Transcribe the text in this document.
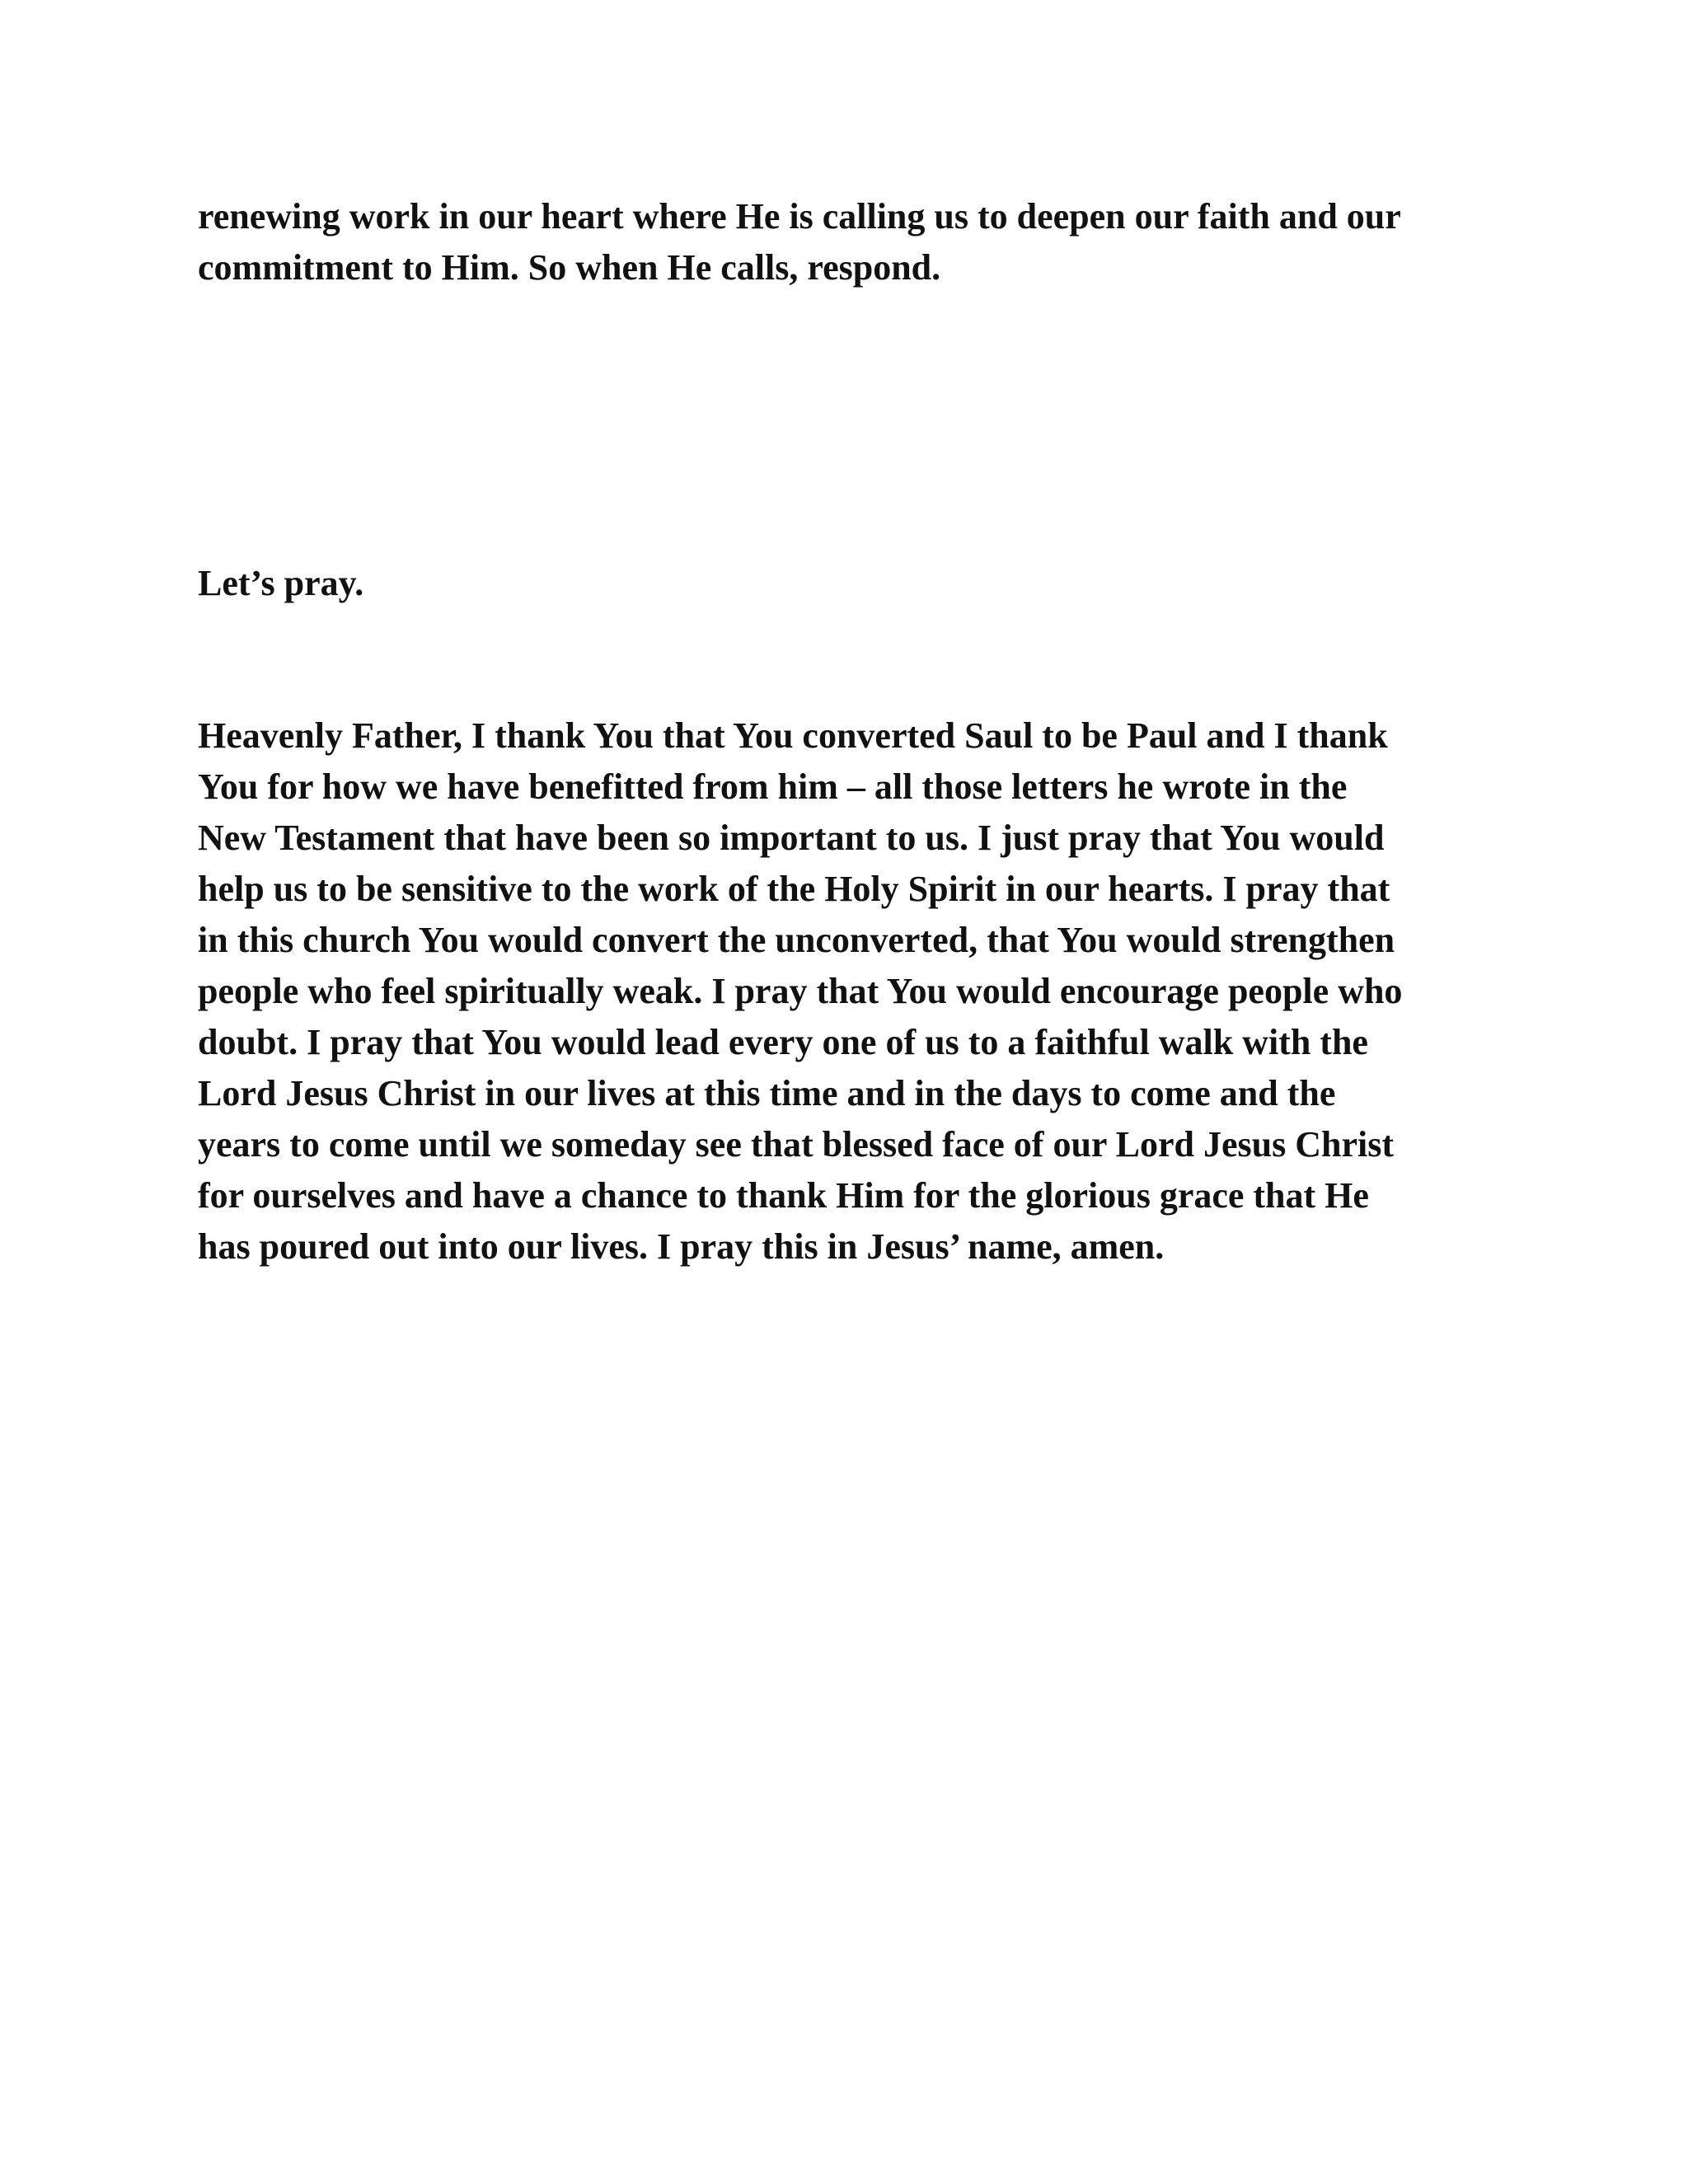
renewing work in our heart where He is calling us to deepen our faith and our
commitment to Him. So when He calls, respond.

Let’s pray.

Heavenly Father, I thank You that You converted Saul to be Paul and I thank
You for how we have benefitted from him – all those letters he wrote in the
New Testament that have been so important to us. I just pray that You would
help us to be sensitive to the work of the Holy Spirit in our hearts. I pray that
in this church You would convert the unconverted, that You would strengthen
people who feel spiritually weak. I pray that You would encourage people who
doubt. I pray that You would lead every one of us to a faithful walk with the
Lord Jesus Christ in our lives at this time and in the days to come and the
years to come until we someday see that blessed face of our Lord Jesus Christ
for ourselves and have a chance to thank Him for the glorious grace that He
has poured out into our lives. I pray this in Jesus’ name, amen.
